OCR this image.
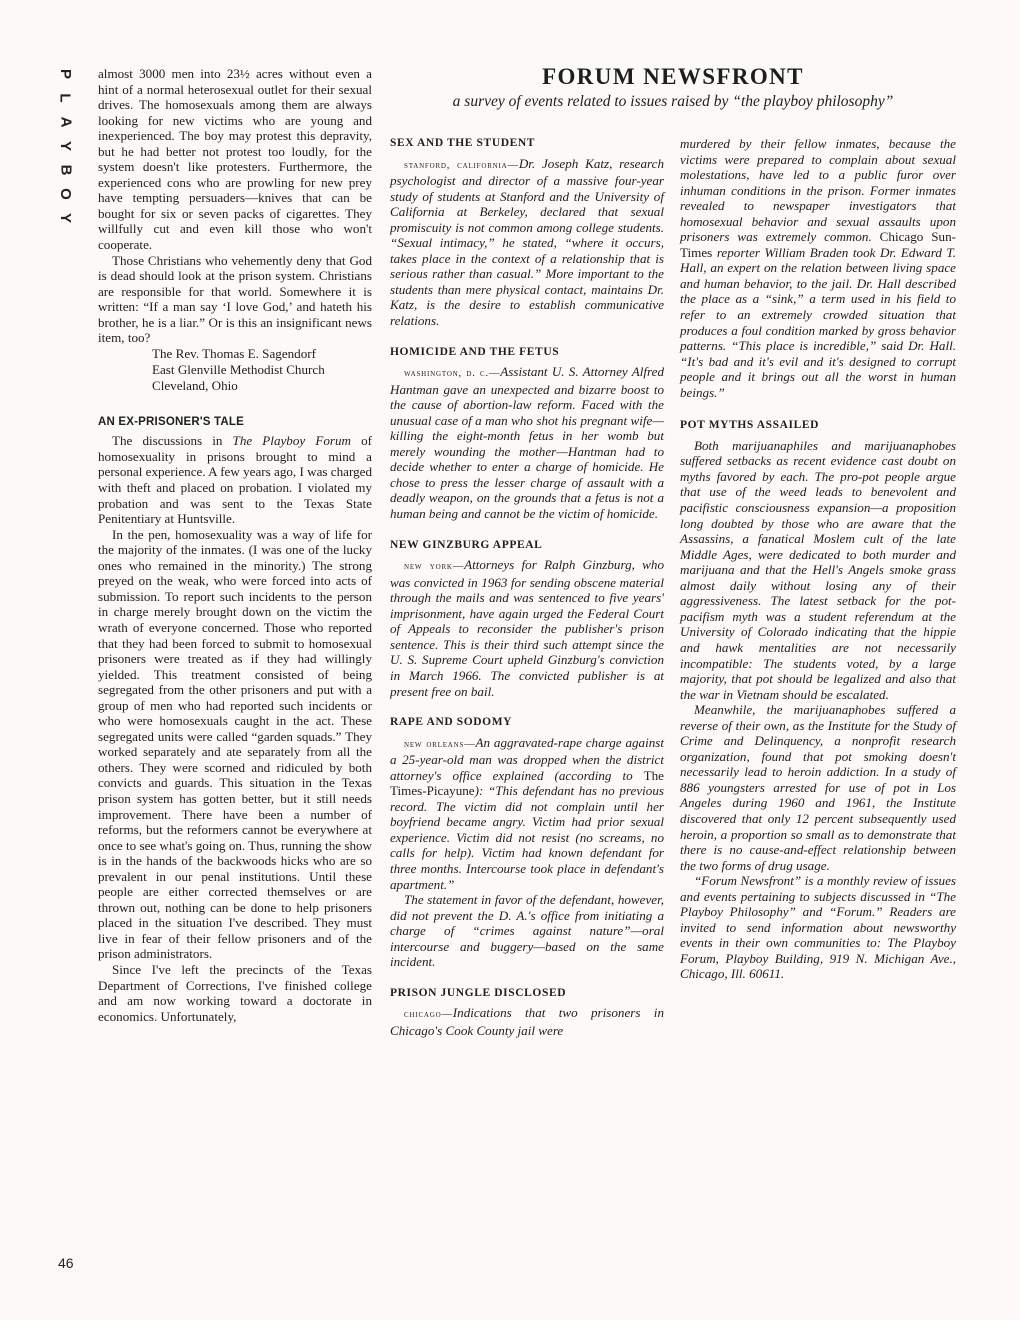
P
L
A
Y
B
O
Y
46

almost 3000 men into 23½ acres without even a hint of a normal heterosexual outlet for their sexual drives. The homosexuals among them are always looking for new victims who are young and inexperienced. The boy may protest this depravity, but he had better not protest too loudly, for the system doesn't like protesters. Furthermore, the experienced cons who are prowling for new prey have tempting persuaders—knives that can be bought for six or seven packs of cigarettes. They willfully cut and even kill those who won't cooperate.

Those Christians who vehemently deny that God is dead should look at the prison system. Christians are responsible for that world. Somewhere it is written: “If a man say ‘I love God,’ and hateth his brother, he is a liar.” Or is this an insignificant news item, too?

The Rev. Thomas E. Sagendorf
East Glenville Methodist Church
Cleveland, Ohio
AN EX-PRISONER'S TALE

The discussions in The Playboy Forum of homosexuality in prisons brought to mind a personal experience. A few years ago, I was charged with theft and placed on probation. I violated my probation and was sent to the Texas State Penitentiary at Huntsville.

In the pen, homosexuality was a way of life for the majority of the inmates. (I was one of the lucky ones who remained in the minority.) The strong preyed on the weak, who were forced into acts of submission. To report such incidents to the person in charge merely brought down on the victim the wrath of everyone concerned. Those who reported that they had been forced to submit to homosexual prisoners were treated as if they had willingly yielded. This treatment consisted of being segregated from the other prisoners and put with a group of men who had reported such incidents or who were homosexuals caught in the act. These segregated units were called “garden squads.” They worked separately and ate separately from all the others. They were scorned and ridiculed by both convicts and guards. This situation in the Texas prison system has gotten better, but it still needs improvement. There have been a number of reforms, but the reformers cannot be everywhere at once to see what's going on. Thus, running the show is in the hands of the backwoods hicks who are so prevalent in our penal institutions. Until these people are either corrected themselves or are thrown out, nothing can be done to help prisoners placed in the situation I've described. They must live in fear of their fellow prisoners and of the prison administrators.

Since I've left the precincts of the Texas Department of Corrections, I've finished college and am now working toward a doctorate in economics. Unfortunately,

FORUM NEWSFRONT
a survey of events related to issues raised by “the playboy philosophy”
SEX AND THE STUDENT

stanford, california—Dr. Joseph Katz, research psychologist and director of a massive four-year study of students at Stanford and the University of California at Berkeley, declared that sexual promiscuity is not common among college students. “Sexual intimacy,” he stated, “where it occurs, takes place in the context of a relationship that is serious rather than casual.” More important to the students than mere physical contact, maintains Dr. Katz, is the desire to establish communicative relations.

HOMICIDE AND THE FETUS

washington, d. c.—Assistant U. S. Attorney Alfred Hantman gave an unexpected and bizarre boost to the cause of abortion-law reform. Faced with the unusual case of a man who shot his pregnant wife—killing the eight-month fetus in her womb but merely wounding the mother—Hantman had to decide whether to enter a charge of homicide. He chose to press the lesser charge of assault with a deadly weapon, on the grounds that a fetus is not a human being and cannot be the victim of homicide.

NEW GINZBURG APPEAL

new york—Attorneys for Ralph Ginzburg, who was convicted in 1963 for sending obscene material through the mails and was sentenced to five years' imprisonment, have again urged the Federal Court of Appeals to reconsider the publisher's prison sentence. This is their third such attempt since the U. S. Supreme Court upheld Ginzburg's conviction in March 1966. The convicted publisher is at present free on bail.

RAPE AND SODOMY

new orleans—An aggravated-rape charge against a 25-year-old man was dropped when the district attorney's office explained (according to The Times-Picayune): “This defendant has no previous record. The victim did not complain until her boyfriend became angry. Victim had prior sexual experience. Victim did not resist (no screams, no calls for help). Victim had known defendant for three months. Intercourse took place in defendant's apartment.”

The statement in favor of the defendant, however, did not prevent the D. A.'s office from initiating a charge of “crimes against nature”—oral intercourse and buggery—based on the same incident.

PRISON JUNGLE DISCLOSED

chicago—Indications that two prisoners in Chicago's Cook County jail were

murdered by their fellow inmates, because the victims were prepared to complain about sexual molestations, have led to a public furor over inhuman conditions in the prison. Former inmates revealed to newspaper investigators that homosexual behavior and sexual assaults upon prisoners was extremely common. Chicago Sun-Times reporter William Braden took Dr. Edward T. Hall, an expert on the relation between living space and human behavior, to the jail. Dr. Hall described the place as a “sink,” a term used in his field to refer to an extremely crowded situation that produces a foul condition marked by gross behavior patterns. “This place is incredible,” said Dr. Hall. “It's bad and it's evil and it's designed to corrupt people and it brings out all the worst in human beings.”

POT MYTHS ASSAILED

Both marijuanaphiles and marijuanaphobes suffered setbacks as recent evidence cast doubt on myths favored by each. The pro-pot people argue that use of the weed leads to benevolent and pacifistic consciousness expansion—a proposition long doubted by those who are aware that the Assassins, a fanatical Moslem cult of the late Middle Ages, were dedicated to both murder and marijuana and that the Hell's Angels smoke grass almost daily without losing any of their aggressiveness. The latest setback for the pot-pacifism myth was a student referendum at the University of Colorado indicating that the hippie and hawk mentalities are not necessarily incompatible: The students voted, by a large majority, that pot should be legalized and also that the war in Vietnam should be escalated.

Meanwhile, the marijuanaphobes suffered a reverse of their own, as the Institute for the Study of Crime and Delinquency, a nonprofit research organization, found that pot smoking doesn't necessarily lead to heroin addiction. In a study of 886 youngsters arrested for use of pot in Los Angeles during 1960 and 1961, the Institute discovered that only 12 percent subsequently used heroin, a proportion so small as to demonstrate that there is no cause-and-effect relationship between the two forms of drug usage.

“Forum Newsfront” is a monthly review of issues and events pertaining to subjects discussed in “The Playboy Philosophy” and “Forum.” Readers are invited to send information about newsworthy events in their own communities to: The Playboy Forum, Playboy Building, 919 N. Michigan Ave., Chicago, Ill. 60611.
